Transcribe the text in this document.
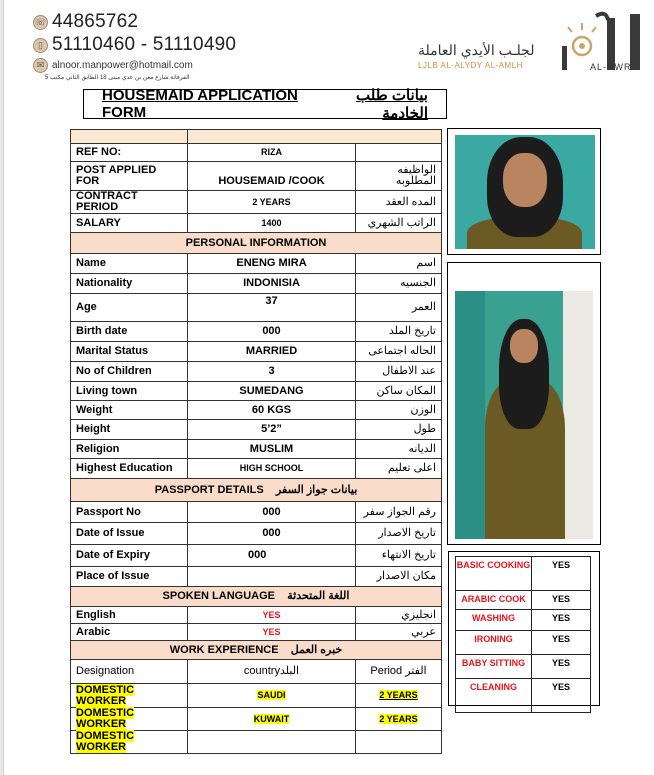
☏ 44865762
▯ 51110460 - 51110490
✉ alnoor.manpower@hotmail.com
الفرفانة شارع معن بن عدي مبنى 18 الطابق الثاني مكتب 5
لجلـب الأيدي العاملة
LJLB AL-ALYDY AL-AMLH	AL-NWR
HOUSEMAID APPLICATION FORM
بيانات طلب الخادمة

REF NO:	RIZA	
POST APPLIED FOR	HOUSEMAID /COOK	الواظيفه المطلوبه
CONTRACT PERIOD	2 YEARS	المده العقد
SALARY	1400	الراتب الشهري
PERSONAL INFORMATION		
Name	ENENG MIRA	اسم
Nationality	INDONISIA	الجنسيه
Age	37	العمر
Birth date	000	تاريخ الملد
Marital Status	MARRIED	الحاله اجتماعى
No of Children	3	عند الاطفال
Living town	SUMEDANG	المكان ساكن
Weight	60 KGS	الوزن
Height	5’2”	طول
Religion	MUSLIM	الديانه
Highest Education	HIGH SCHOOL	اعلى تعليم
PASSPORT DETAILS بيانات جواز السفر		
Passport No	000	رقم الجواز سفر
Date of Issue	000	تاريخ الاصدار
Date of Expiry	000	تاريخ الانتهاء
Place of Issue		مكان الاصدار
SPOKEN LANGUAGE اللغة المتحدثة		
English	YES	انجليزي
Arabic	YES	عربي
WORK EXPERIENCE خبره العمل		
Designation	countryالبلد	Period الفتر
DOMESTIC WORKER	SAUDI	2 YEARS
DOMESTIC WORKER	KUWAIT	2 YEARS
DOMESTIC WORKER		
BASIC COOKING	YES
ARABIC COOK	YES
WASHING	YES
IRONING	YES
BABY SITTING	YES
CLEANING	YES
